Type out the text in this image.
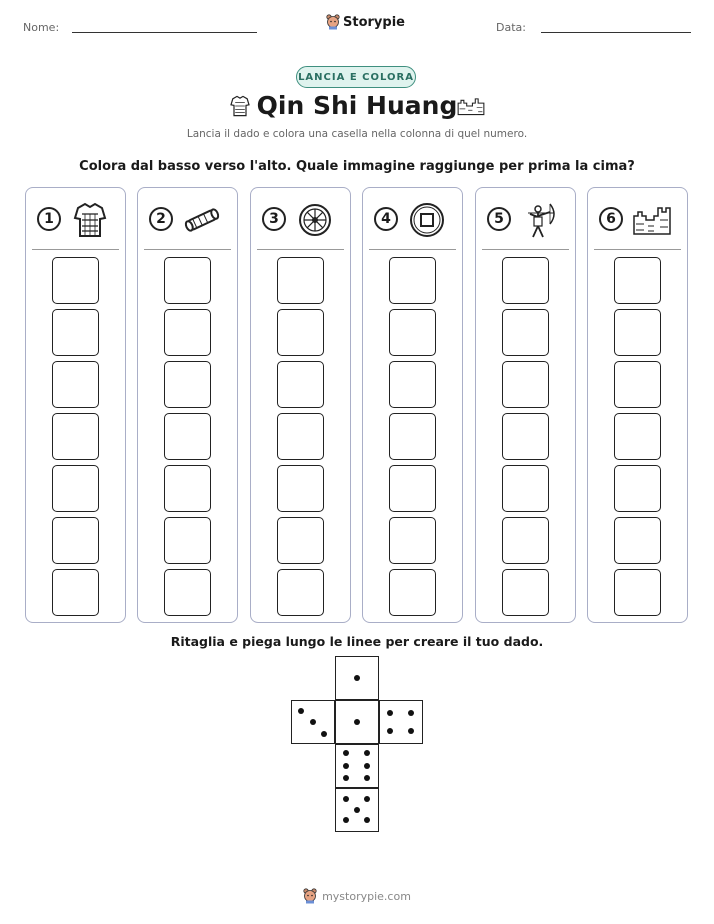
Nome:	Storypie	Data:
LANCIA E COLORA
Qin Shi Huang
Lancia il dado e colora una casella nella colonna di quel numero.
Colora dal basso verso l'alto. Quale immagine raggiunge per prima la cima?
1	2	3	4	5	6
Ritaglia e piega lungo le linee per creare il tuo dado.
mystorypie.com
